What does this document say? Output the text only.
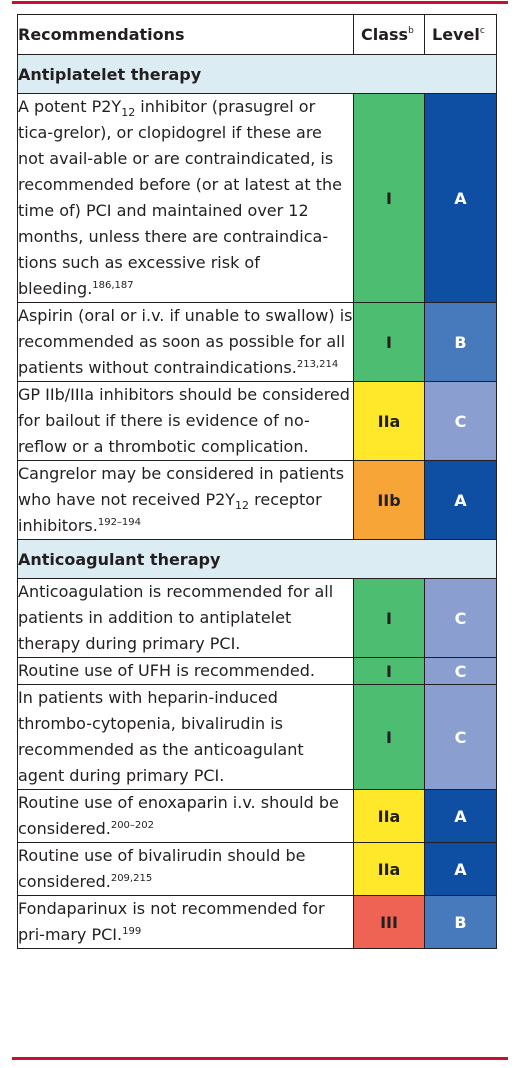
Recommendations	Class$^b$	Level$^c$
Antiplatelet therapy		
A potent $P2Y_{12}$ inhibitor (prasugrel or tica-grelor), or clopidogrel if these are not avail-able or are contraindicated, is recommended before (or at latest at the time of) PCI and maintained over 12 months, unless there are contraindica-tions such as excessive risk of bleeding.$^{186,187}$	I	A
Aspirin (oral or i.v. if unable to swallow) is recommended as soon as possible for all patients without contraindications.$^{213,214}$	I	B
GP IIb/IIIa inhibitors should be considered for bailout if there is evidence of no-reflow or a thrombotic complication.	IIa	C
Cangrelor may be considered in patients who have not received $P2Y_{12}$ receptor inhibitors.$^{192-194}$	IIb	A
Anticoagulant therapy		
Anticoagulation is recommended for all patients in addition to antiplatelet therapy during primary PCI.	I	C
Routine use of UFH is recommended.	I	C
In patients with heparin-induced thrombo-cytopenia, bivalirudin is recommended as the anticoagulant agent during primary PCI.	I	C
Routine use of enoxaparin i.v. should be considered.$^{200-202}$	IIa	A
Routine use of bivalirudin should be considered.$^{209,215}$	IIa	A
Fondaparinux is not recommended for pri-mary PCI.$^{199}$	III	B
